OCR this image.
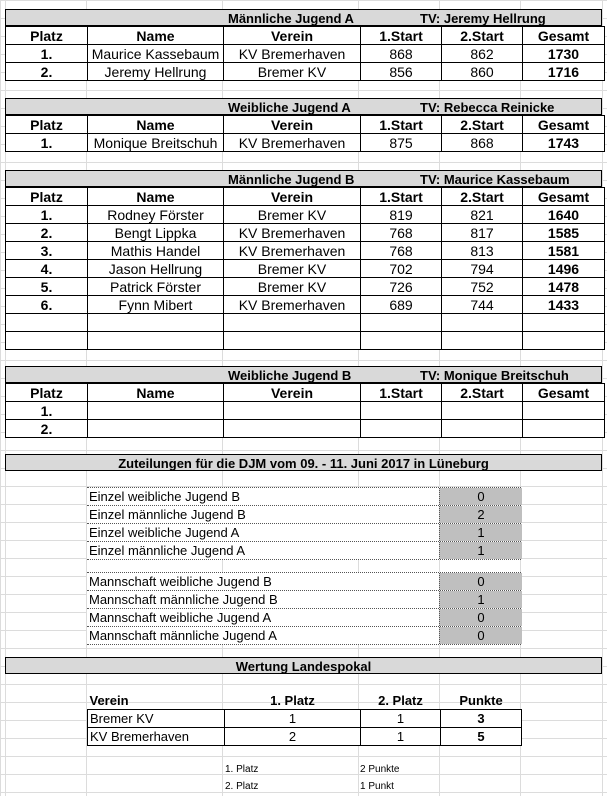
Männliche Jugend A	TV: Jeremy Hellrung
Platz	Name	Verein	1.Start	2.Start	Gesamt
1.	Maurice Kassebaum	KV Bremerhaven	868	862	1730
2.	Jeremy Hellrung	Bremer KV	856	860	1716
Weibliche Jugend A	TV: Rebecca Reinicke
Platz	Name	Verein	1.Start	2.Start	Gesamt
1.	Monique Breitschuh	KV Bremerhaven	875	868	1743
Männliche Jugend B	TV: Maurice Kassebaum
Platz	Name	Verein	1.Start	2.Start	Gesamt
1.	Rodney Förster	Bremer KV	819	821	1640
2.	Bengt Lippka	KV Bremerhaven	768	817	1585
3.	Mathis Handel	KV Bremerhaven	768	813	1581
4.	Jason Hellrung	Bremer KV	702	794	1496
5.	Patrick Förster	Bremer KV	726	752	1478
6.	Fynn Mibert	KV Bremerhaven	689	744	1433

Weibliche Jugend B	TV: Monique Breitschuh
Platz	Name	Verein	1.Start	2.Start	Gesamt
1.					
2.					
Zuteilungen für die DJM vom 09. - 11. Juni 2017 in Lüneburg
Einzel weibliche Jugend B	0
Einzel männliche Jugend B	2
Einzel weibliche Jugend A	1
Einzel männliche Jugend A	1
Mannschaft weibliche Jugend B	0
Mannschaft männliche Jugend B	1
Mannschaft weibliche Jugend A	0
Mannschaft männliche Jugend A	0
Wertung Landespokal
Verein	1. Platz	2. Platz	Punkte
Bremer KV	1	1	3
KV Bremerhaven	2	1	5
1. Platz	2 Punkte
2. Platz	1 Punkt
